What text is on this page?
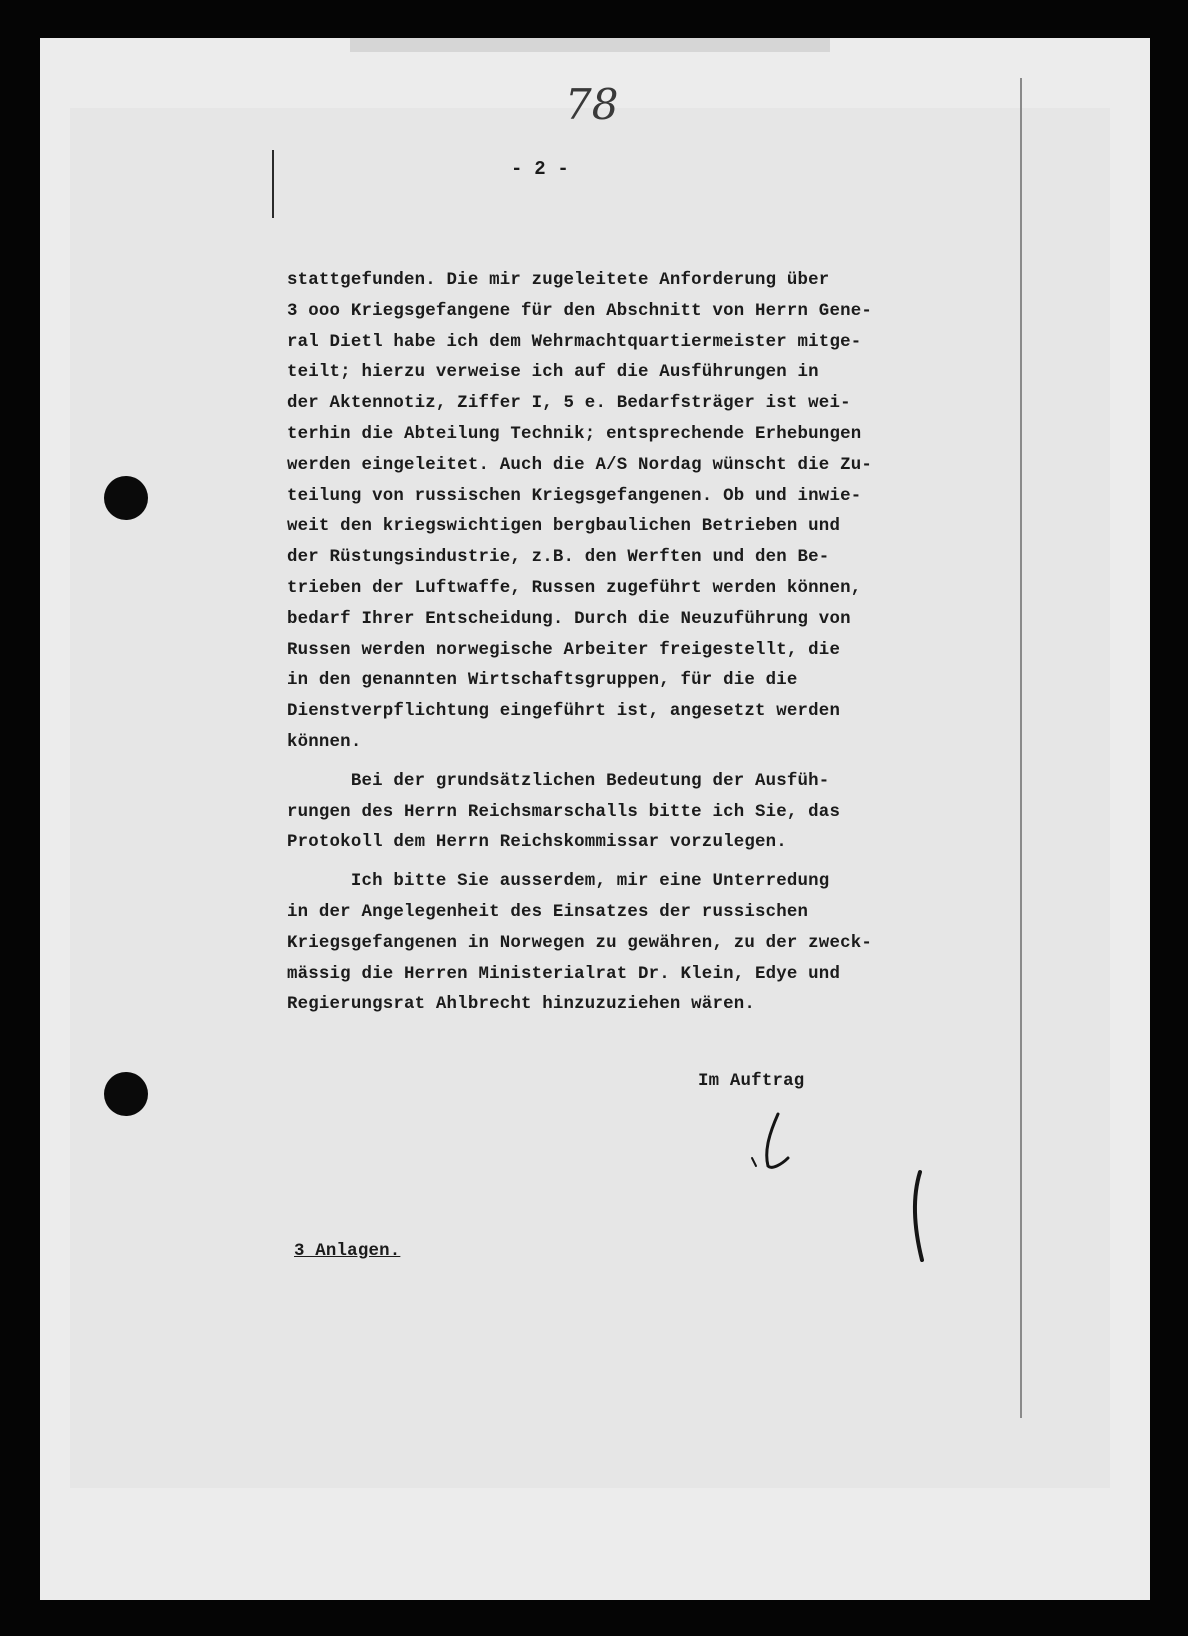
78
- 2 -
stattgefunden. Die mir zugeleitete Anforderung über
3 ooo Kriegsgefangene für den Abschnitt von Herrn Gene-
ral Dietl habe ich dem Wehrmachtquartiermeister mitge-
teilt; hierzu verweise ich auf die Ausführungen in
der Aktennotiz, Ziffer I, 5 e. Bedarfsträger ist wei-
terhin die Abteilung Technik; entsprechende Erhebungen
werden eingeleitet. Auch die A/S Nordag wünscht die Zu-
teilung von russischen Kriegsgefangenen. Ob und inwie-
weit den kriegswichtigen bergbaulichen Betrieben und
der Rüstungsindustrie, z.B. den Werften und den Be-
trieben der Luftwaffe, Russen zugeführt werden können,
bedarf Ihrer Entscheidung. Durch die Neuzuführung von
Russen werden norwegische Arbeiter freigestellt, die
in den genannten Wirtschaftsgruppen, für die die
Dienstverpflichtung eingeführt ist, angesetzt werden
können.
Bei der grundsätzlichen Bedeutung der Ausfüh-
rungen des Herrn Reichsmarschalls bitte ich Sie, das
Protokoll dem Herrn Reichskommissar vorzulegen.
Ich bitte Sie ausserdem, mir eine Unterredung
in der Angelegenheit des Einsatzes der russischen
Kriegsgefangenen in Norwegen zu gewähren, zu der zweck-
mässig die Herren Ministerialrat Dr. Klein, Edye und
Regierungsrat Ahlbrecht hinzuzuziehen wären.
Im Auftrag
3 Anlagen.
